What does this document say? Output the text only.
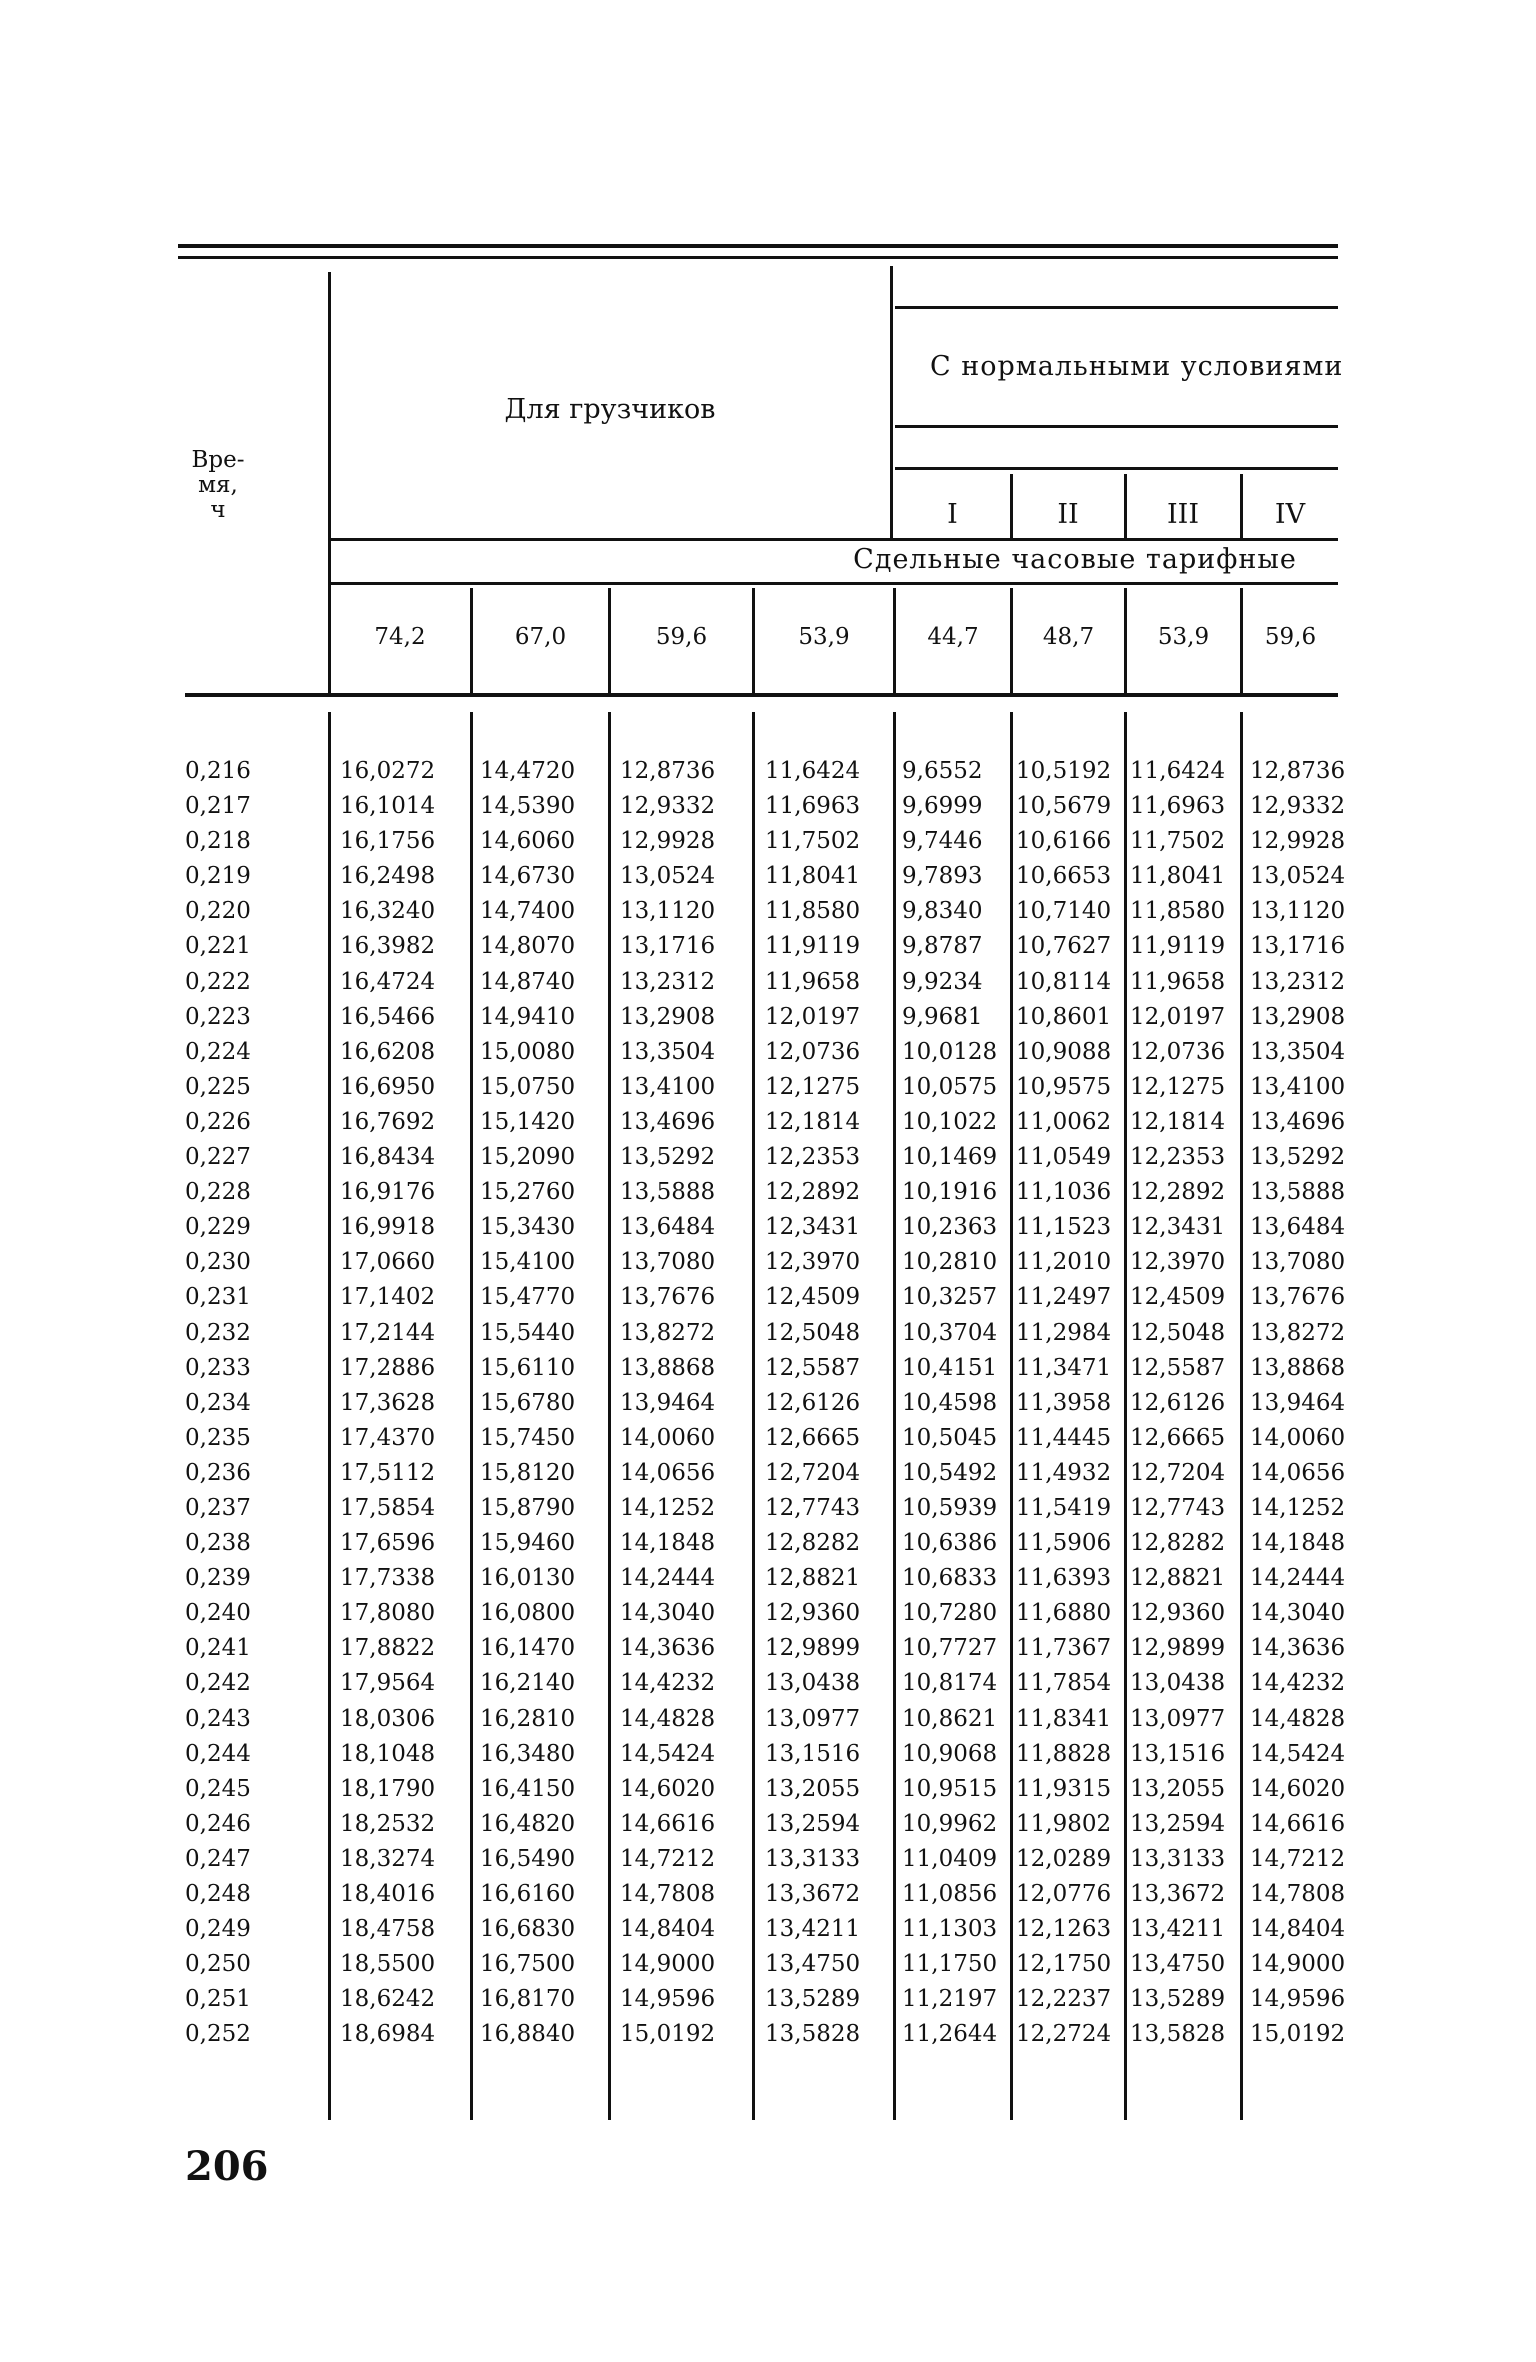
Вре-
мя,
ч
Для грузчиков
С нормальными условиями
I	II	III	IV
Сдельные часовые тарифные
74,2	67,0	59,6	53,9	44,7	48,7	53,9	59,6
0,216	16,0272 14,4720 12,8736 11,6424 9,6552 10,5192 11,6424 12,8736
0,217	16,1014 14,5390 12,9332 11,6963 9,6999 10,5679 11,6963 12,9332
0,218	16,1756 14,6060 12,9928 11,7502 9,7446 10,6166 11,7502 12,9928
0,219	16,2498 14,6730 13,0524 11,8041 9,7893 10,6653 11,8041 13,0524
0,220	16,3240 14,7400 13,1120 11,8580 9,8340 10,7140 11,8580 13,1120
0,221	16,3982 14,8070 13,1716 11,9119 9,8787 10,7627 11,9119 13,1716
0,222	16,4724 14,8740 13,2312 11,9658 9,9234 10,8114 11,9658 13,2312
0,223	16,5466 14,9410 13,2908 12,0197 9,9681 10,8601 12,0197 13,2908
0,224	16,6208 15,0080 13,3504 12,0736 10,0128 10,9088 12,0736 13,3504
0,225	16,6950 15,0750 13,4100 12,1275 10,0575 10,9575 12,1275 13,4100
0,226	16,7692 15,1420 13,4696 12,1814 10,1022 11,0062 12,1814 13,4696
0,227	16,8434 15,2090 13,5292 12,2353 10,1469 11,0549 12,2353 13,5292
0,228	16,9176 15,2760 13,5888 12,2892 10,1916 11,1036 12,2892 13,5888
0,229	16,9918 15,3430 13,6484 12,3431 10,2363 11,1523 12,3431 13,6484
0,230	17,0660 15,4100 13,7080 12,3970 10,2810 11,2010 12,3970 13,7080
0,231	17,1402 15,4770 13,7676 12,4509 10,3257 11,2497 12,4509 13,7676
0,232	17,2144 15,5440 13,8272 12,5048 10,3704 11,2984 12,5048 13,8272
0,233	17,2886 15,6110 13,8868 12,5587 10,4151 11,3471 12,5587 13,8868
0,234	17,3628 15,6780 13,9464 12,6126 10,4598 11,3958 12,6126 13,9464
0,235	17,4370 15,7450 14,0060 12,6665 10,5045 11,4445 12,6665 14,0060
0,236	17,5112 15,8120 14,0656 12,7204 10,5492 11,4932 12,7204 14,0656
0,237	17,5854 15,8790 14,1252 12,7743 10,5939 11,5419 12,7743 14,1252
0,238	17,6596 15,9460 14,1848 12,8282 10,6386 11,5906 12,8282 14,1848
0,239	17,7338 16,0130 14,2444 12,8821 10,6833 11,6393 12,8821 14,2444
0,240	17,8080 16,0800 14,3040 12,9360 10,7280 11,6880 12,9360 14,3040
0,241	17,8822 16,1470 14,3636 12,9899 10,7727 11,7367 12,9899 14,3636
0,242	17,9564 16,2140 14,4232 13,0438 10,8174 11,7854 13,0438 14,4232
0,243	18,0306 16,2810 14,4828 13,0977 10,8621 11,8341 13,0977 14,4828
0,244	18,1048 16,3480 14,5424 13,1516 10,9068 11,8828 13,1516 14,5424
0,245	18,1790 16,4150 14,6020 13,2055 10,9515 11,9315 13,2055 14,6020
0,246	18,2532 16,4820 14,6616 13,2594 10,9962 11,9802 13,2594 14,6616
0,247	18,3274 16,5490 14,7212 13,3133 11,0409 12,0289 13,3133 14,7212
0,248	18,4016 16,6160 14,7808 13,3672 11,0856 12,0776 13,3672 14,7808
0,249	18,4758 16,6830 14,8404 13,4211 11,1303 12,1263 13,4211 14,8404
0,250	18,5500 16,7500 14,9000 13,4750 11,1750 12,1750 13,4750 14,9000
0,251	18,6242 16,8170 14,9596 13,5289 11,2197 12,2237 13,5289 14,9596
0,252	18,6984 16,8840 15,0192 13,5828 11,2644 12,2724 13,5828 15,0192
206
